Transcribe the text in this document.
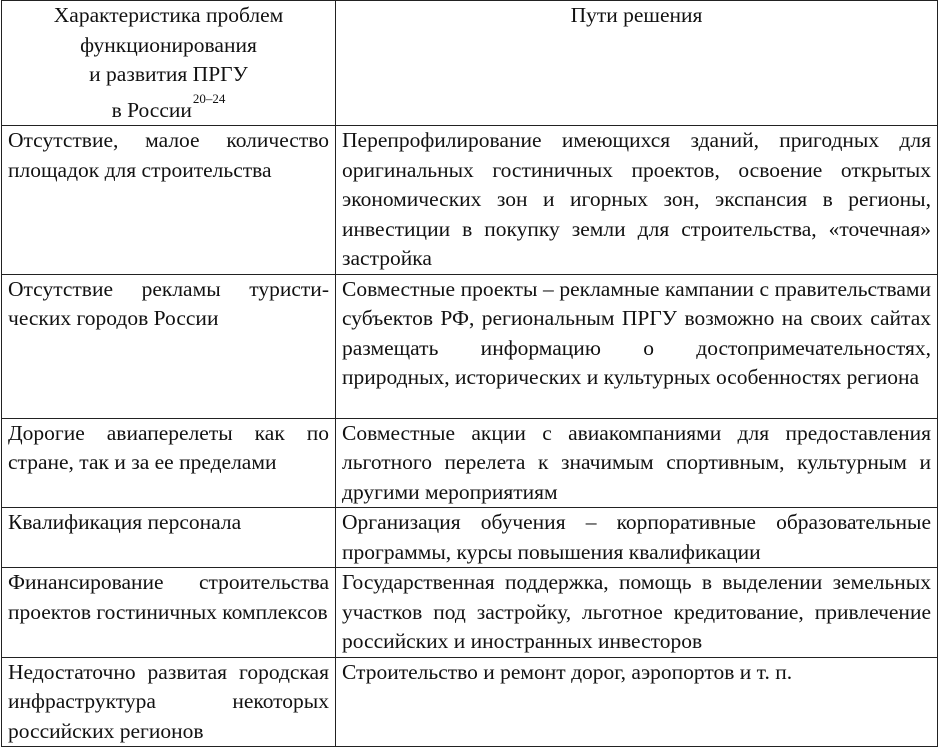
Характеристика проблем
функционирования
и развития ПРГУ
в России$^{20-24}$	Пути решения
Отсутствие, малое количество площадок для строительства	Перепрофилирование имеющихся зданий, пригодных для оригинальных гостиничных проектов, освоение открытых экономических зон и игорных зон, экспансия в регионы, инвестиции в покупку земли для строительства, «точечная» застройка
Отсутствие рекламы туристических городов России	Совместные проекты – рекламные кампании с правительствами субъектов РФ, региональным ПРГУ возможно на своих сайтах размещать информацию о достопримечательностях, природных, исторических и культурных особенностях региона
Дорогие авиаперелеты как по стране, так и за ее пределами	Совместные акции с авиакомпаниями для предоставления льготного перелета к значимым спортивным, культурным и другими мероприятиям
Квалификация персонала	Организация обучения – корпоративные образовательные программы, курсы повышения квалификации
Финансирование строительства проектов гостиничных комплексов	Государственная поддержка, помощь в выделении земельных участков под застройку, льготное кредитование, привлечение российских и иностранных инвесторов
Недостаточно развитая городская инфраструктура некоторых российских регионов	Строительство и ремонт дорог, аэропортов и т. п.
